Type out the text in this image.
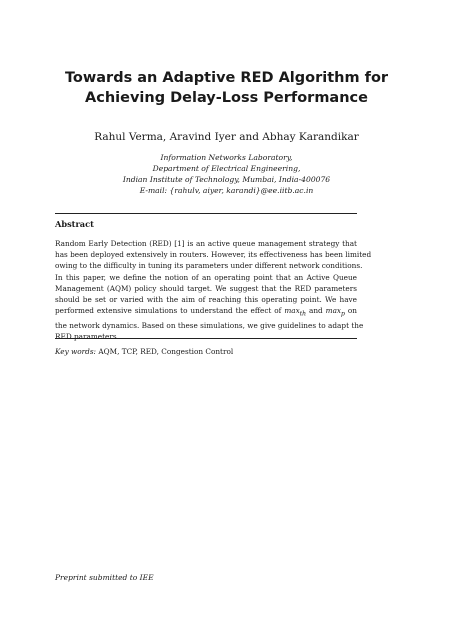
Towards an Adaptive RED Algorithm for
Achieving Delay-Loss Performance
Rahul Verma, Aravind Iyer and Abhay Karandikar
Information Networks Laboratory,
Department of Electrical Engineering,
Indian Institute of Technology, Mumbai, India-400076
E-mail: {rahulv, aiyer, karandi}@ee.iitb.ac.in
Abstract

Random Early Detection (RED) [1] is an active queue management strategy that
has been deployed extensively in routers. However, its effectiveness has been limited
owing to the difficulty in tuning its parameters under different network conditions.
In this paper, we define the notion of an operating point that an Active Queue
Management (AQM) policy should target. We suggest that the RED parameters
should be set or varied with the aim of reaching this operating point. We have
performed extensive simulations to understand the effect of $\max_{th}$ and $\max_p$ on
the network dynamics. Based on these simulations, we give guidelines to adapt the
RED parameters.

Key words: AQM, TCP, RED, Congestion Control
Preprint submitted to IEE
